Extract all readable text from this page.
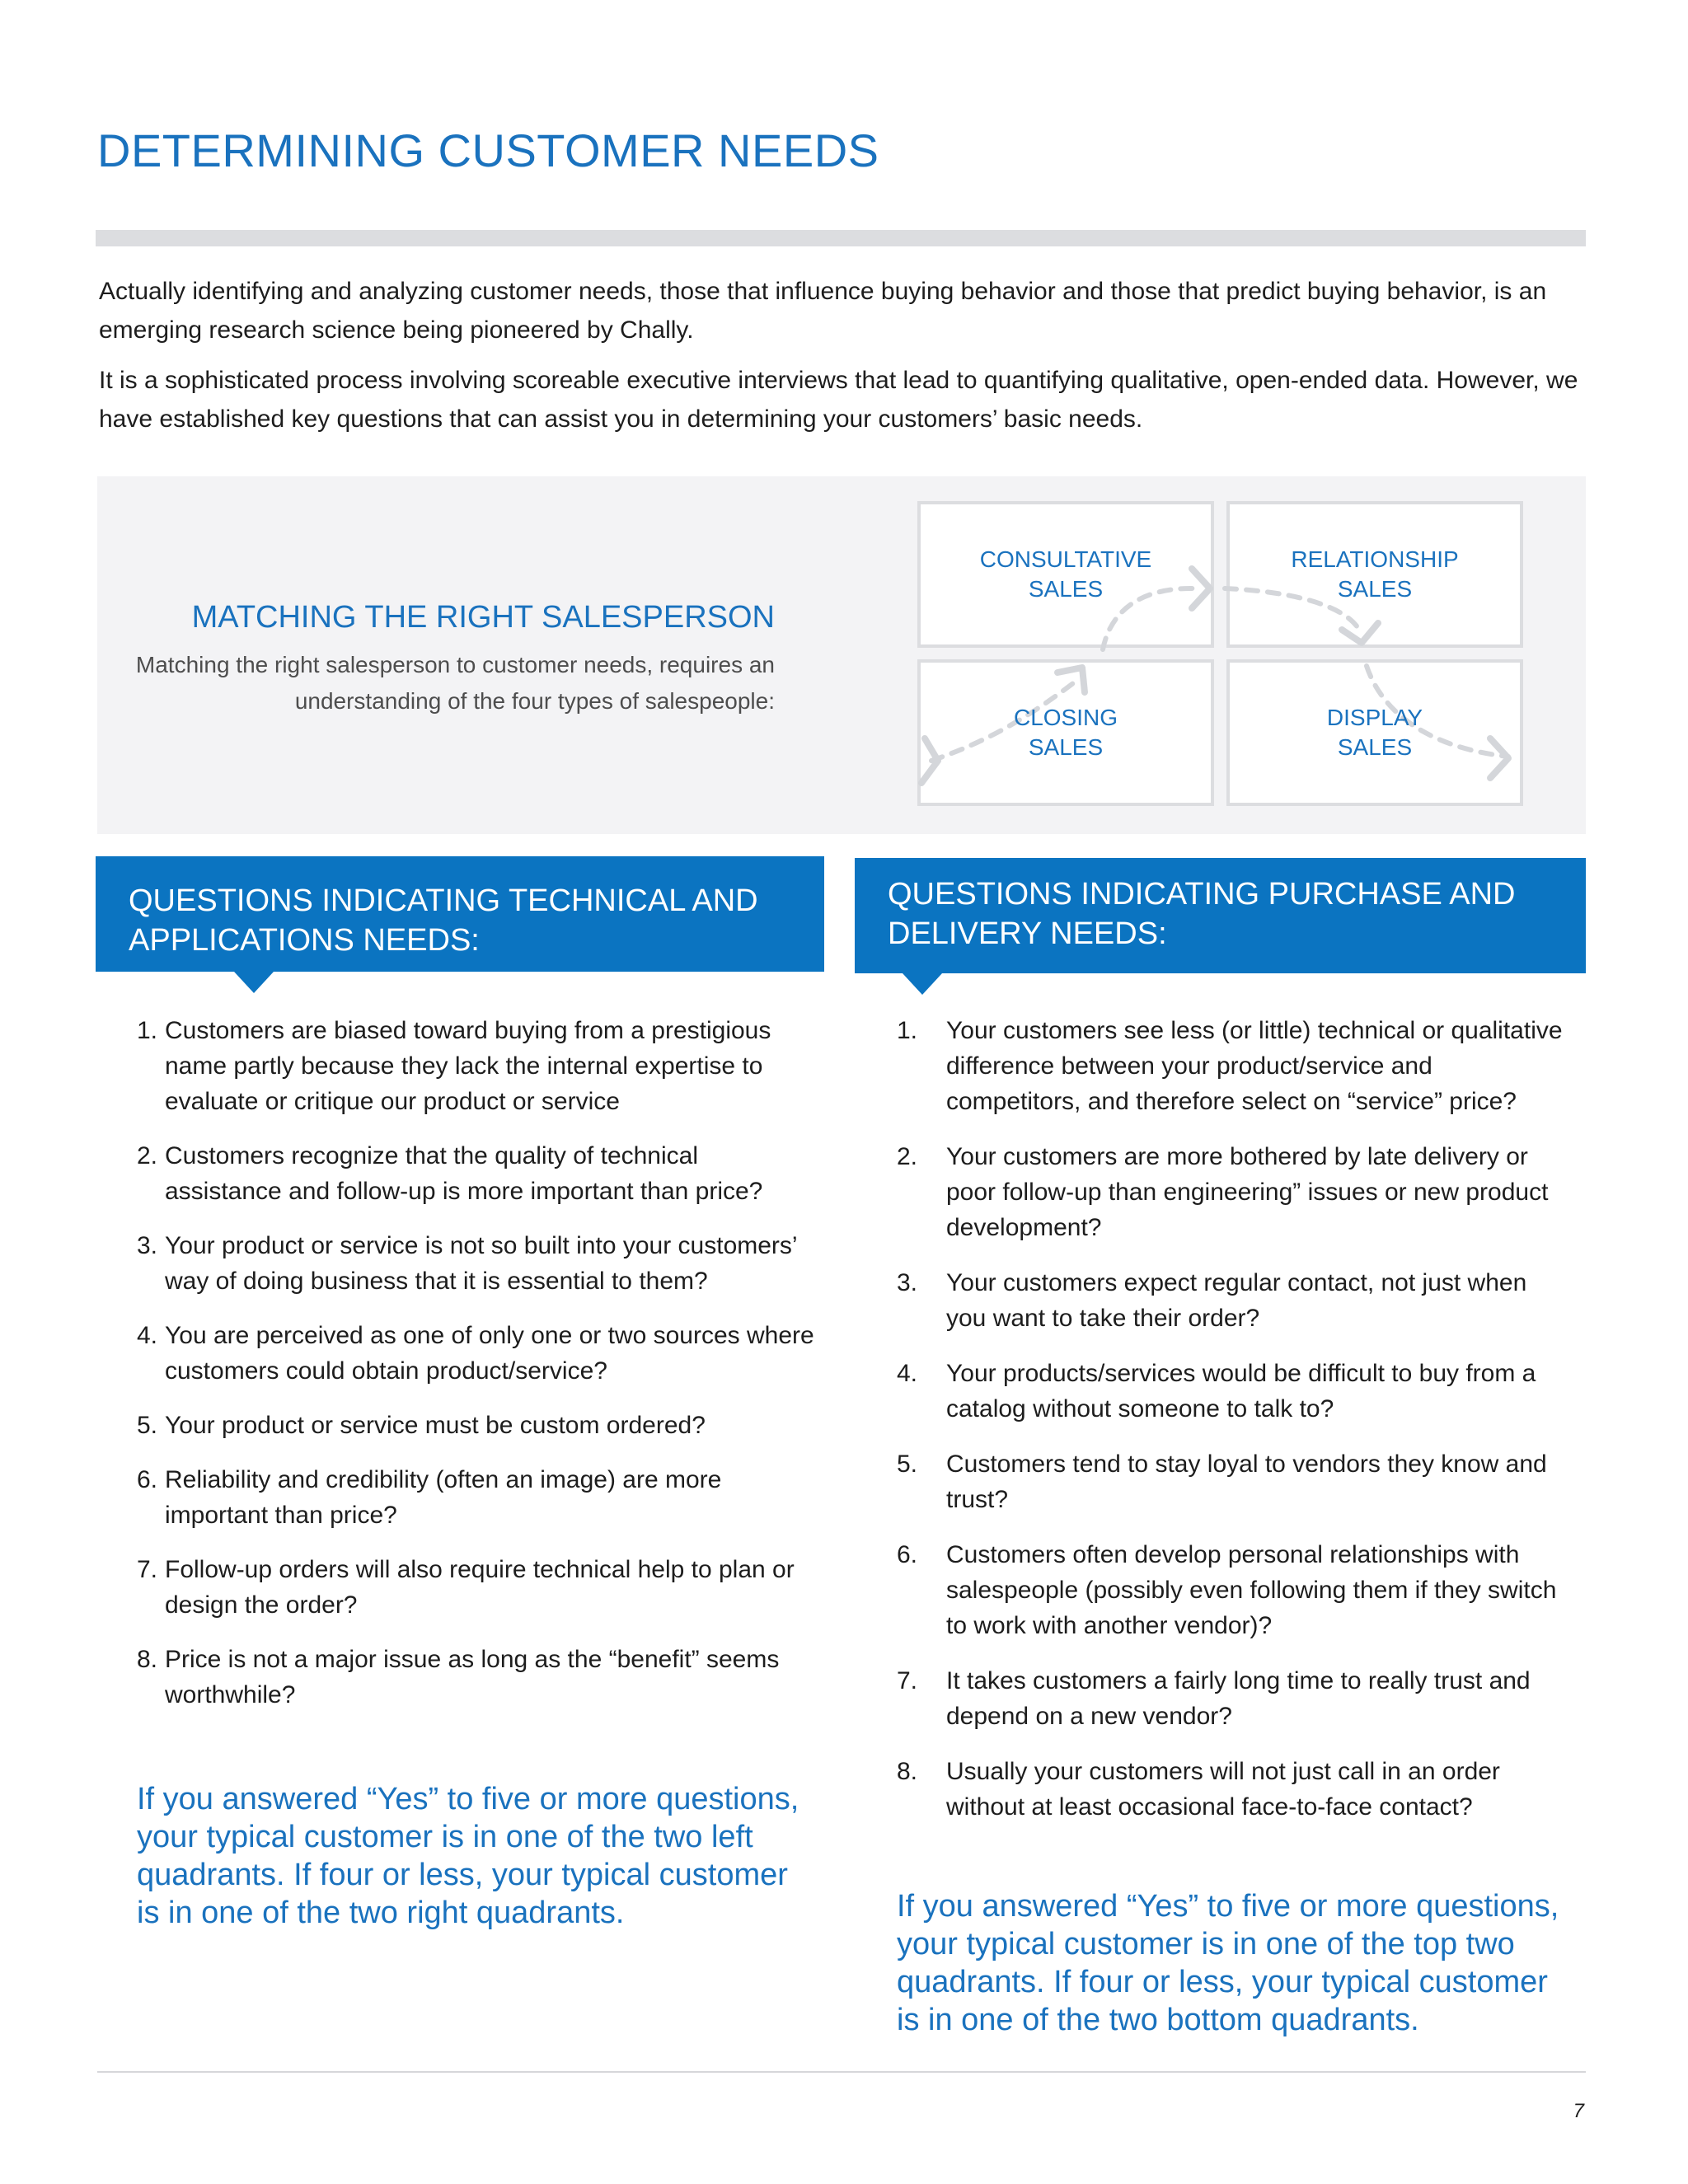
DETERMINING CUSTOMER NEEDS

Actually identifying and analyzing customer needs, those that influence buying behavior and those that predict buying behavior, is an emerging research science being pioneered by Chally.

It is a sophisticated process involving scoreable executive interviews that lead to quantifying qualitative, open-ended data. However, we have established key questions that can assist you in determining your customers’ basic needs.

MATCHING THE RIGHT SALESPERSON

Matching the right salesperson to customer needs, requires an understanding of the four types of salespeople:

CONSULTATIVE
SALES
RELATIONSHIP
SALES
CLOSING
SALES
DISPLAY
SALES
QUESTIONS INDICATING TECHNICAL AND APPLICATIONS NEEDS:
QUESTIONS INDICATING PURCHASE AND DELIVERY NEEDS:
1. Customers are biased toward buying from a prestigious name partly because they lack the internal expertise to evaluate or critique our product or service
2. Customers recognize that the quality of technical assistance and follow-up is more important than price?
3. Your product or service is not so built into your customers’ way of doing business that it is essential to them?
4. You are perceived as one of only one or two sources where customers could obtain product/service?
5. Your product or service must be custom ordered?
6. Reliability and credibility (often an image) are more important than price?
7. Follow-up orders will also require technical help to plan or design the order?
8. Price is not a major issue as long as the “benefit” seems worthwhile?

If you answered “Yes” to five or more questions, your typical customer is in one of the two left quadrants. If four or less, your typical customer is in one of the two right quadrants.

1.	Your customers see less (or little) technical or qualitative difference between your product/service and competitors, and therefore select on “service” price?
2.	Your customers are more bothered by late delivery or poor follow-up than engineering” issues or new product development?
3.	Your customers expect regular contact, not just when you want to take their order?
4.	Your products/services would be difficult to buy from a catalog without someone to talk to?
5.	Customers tend to stay loyal to vendors they know and trust?
6.	Customers often develop personal relationships with salespeople (possibly even following them if they switch to work with another vendor)?
7.	It takes customers a fairly long time to really trust and depend on a new vendor?
8.	Usually your customers will not just call in an order without at least occasional face-to-face contact?

If you answered “Yes” to five or more questions, your typical customer is in one of the top two quadrants. If four or less, your typical customer is in one of the two bottom quadrants.

7
